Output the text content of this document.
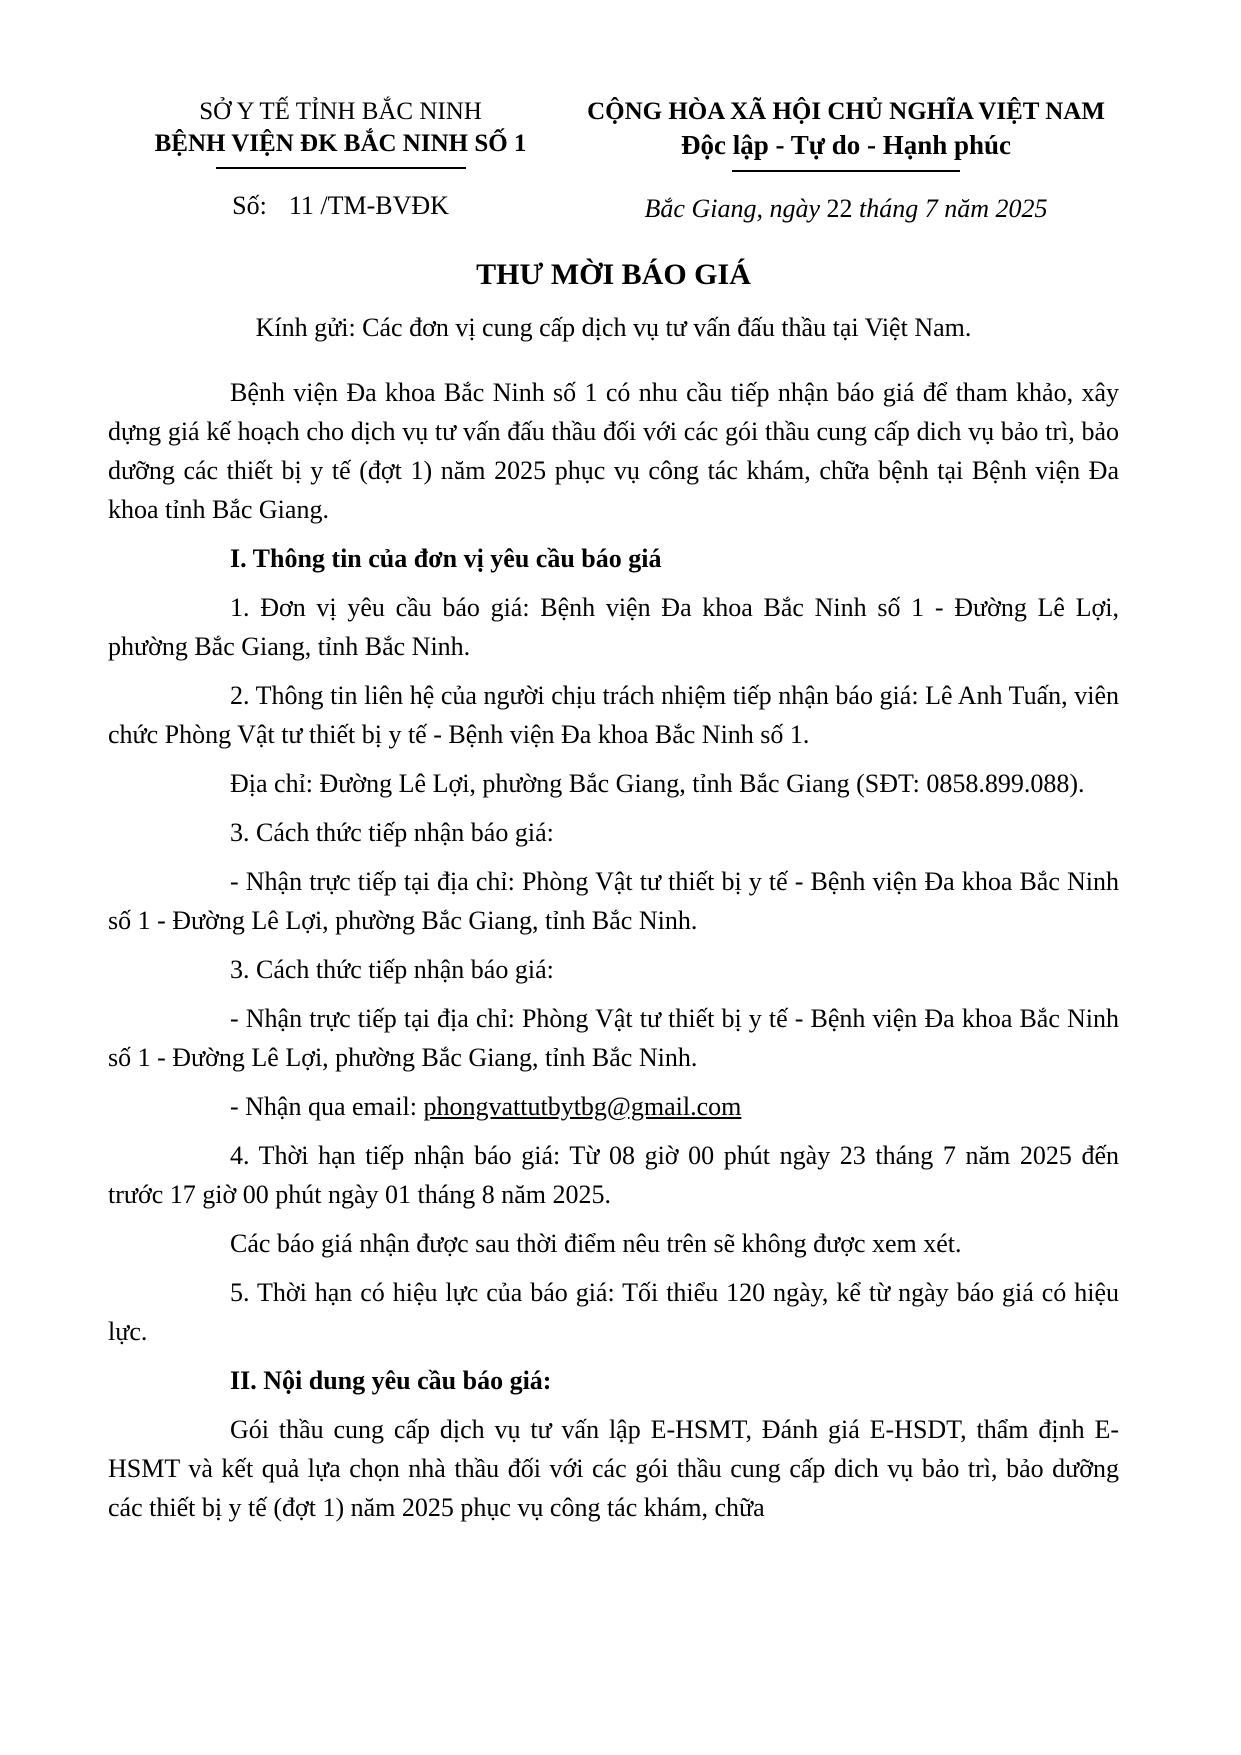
SỞ Y TẾ TỈNH BẮC NINH
BỆNH VIỆN ĐK BẮC NINH SỐ 1
Số: 11 /TM-BVĐK
CỘNG HÒA XÃ HỘI CHỦ NGHĨA VIỆT NAM
Độc lập - Tự do - Hạnh phúc
Bắc Giang, ngày 22 tháng 7 năm 2025
THƯ MỜI BÁO GIÁ
Kính gửi: Các đơn vị cung cấp dịch vụ tư vấn đấu thầu tại Việt Nam.

Bệnh viện Đa khoa Bắc Ninh số 1 có nhu cầu tiếp nhận báo giá để tham khảo, xây dựng giá kế hoạch cho dịch vụ tư vấn đấu thầu đối với các gói thầu cung cấp dich vụ bảo trì, bảo dưỡng các thiết bị y tế (đợt 1) năm 2025 phục vụ công tác khám, chữa bệnh tại Bệnh viện Đa khoa tỉnh Bắc Giang.

I. Thông tin của đơn vị yêu cầu báo giá

1. Đơn vị yêu cầu báo giá: Bệnh viện Đa khoa Bắc Ninh số 1 - Đường Lê Lợi, phường Bắc Giang, tỉnh Bắc Ninh.

2. Thông tin liên hệ của người chịu trách nhiệm tiếp nhận báo giá: Lê Anh Tuấn, viên chức Phòng Vật tư thiết bị y tế - Bệnh viện Đa khoa Bắc Ninh số 1.

Địa chỉ: Đường Lê Lợi, phường Bắc Giang, tỉnh Bắc Giang (SĐT: 0858.899.088).

3. Cách thức tiếp nhận báo giá:

- Nhận trực tiếp tại địa chỉ: Phòng Vật tư thiết bị y tế - Bệnh viện Đa khoa Bắc Ninh số 1 - Đường Lê Lợi, phường Bắc Giang, tỉnh Bắc Ninh.

3. Cách thức tiếp nhận báo giá:

- Nhận trực tiếp tại địa chỉ: Phòng Vật tư thiết bị y tế - Bệnh viện Đa khoa Bắc Ninh số 1 - Đường Lê Lợi, phường Bắc Giang, tỉnh Bắc Ninh.

- Nhận qua email: phongvattutbytbg@gmail.com

4. Thời hạn tiếp nhận báo giá: Từ 08 giờ 00 phút ngày 23 tháng 7 năm 2025 đến trước 17 giờ 00 phút ngày 01 tháng 8 năm 2025.

Các báo giá nhận được sau thời điểm nêu trên sẽ không được xem xét.

5. Thời hạn có hiệu lực của báo giá: Tối thiểu 120 ngày, kể từ ngày báo giá có hiệu lực.

II. Nội dung yêu cầu báo giá:

Gói thầu cung cấp dịch vụ tư vấn lập E-HSMT, Đánh giá E-HSDT, thẩm định E-HSMT và kết quả lựa chọn nhà thầu đối với các gói thầu cung cấp dich vụ bảo trì, bảo dưỡng các thiết bị y tế (đợt 1) năm 2025 phục vụ công tác khám, chữa
